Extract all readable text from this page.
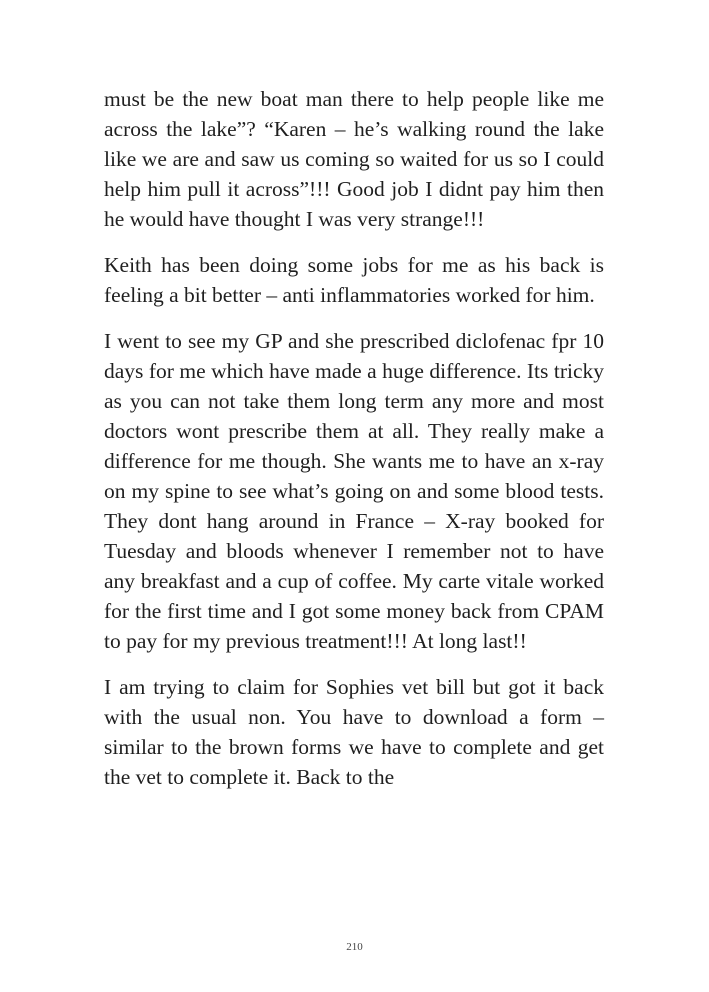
must be the new boat man there to help people like me across the lake”? “Karen – he’s walking round the lake like we are and saw us coming so waited for us so I could help him pull it across”!!! Good job I didnt pay him then he would have thought I was very strange!!!

Keith has been doing some jobs for me as his back is feeling a bit better – anti inflammatories worked for him.

I went to see my GP and she prescribed diclofenac fpr 10 days for me which have made a huge difference. Its tricky as you can not take them long term any more and most doctors wont prescribe them at all. They really make a difference for me though. She wants me to have an x-ray on my spine to see what’s going on and some blood tests. They dont hang around in France – X-ray booked for Tuesday and bloods whenever I remember not to have any breakfast and a cup of coffee. My carte vitale worked for the first time and I got some money back from CPAM to pay for my previous treatment!!! At long last!!

I am trying to claim for Sophies vet bill but got it back with the usual non. You have to download a form – similar to the brown forms we have to complete and get the vet to complete it. Back to the

210
